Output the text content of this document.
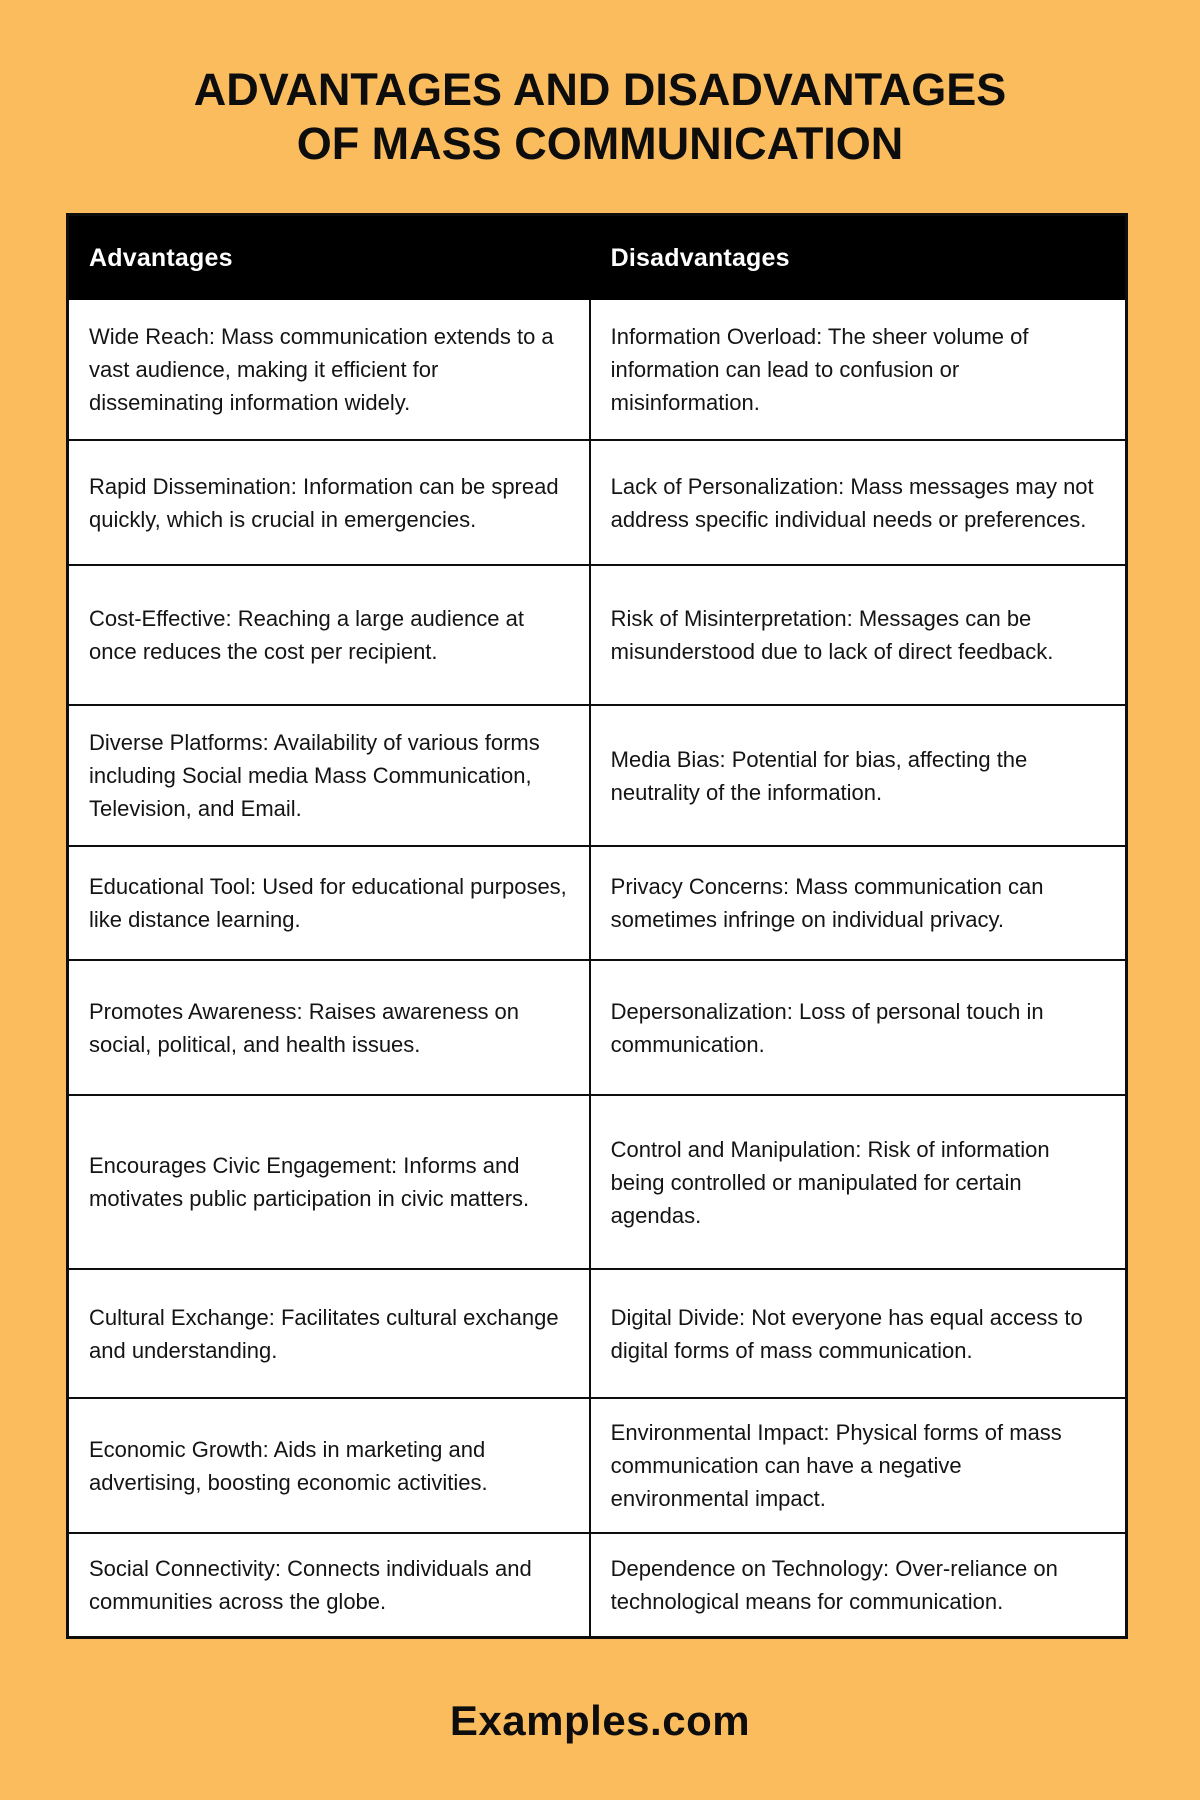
ADVANTAGES AND DISADVANTAGES
OF MASS COMMUNICATION
Advantages	Disadvantages
Wide Reach: Mass communication extends to a vast audience, making it efficient for disseminating information widely.
Information Overload: The sheer volume of information can lead to confusion or misinformation.
Rapid Dissemination: Information can be spread quickly, which is crucial in emergencies.
Lack of Personalization: Mass messages may not address specific individual needs or preferences.
Cost-Effective: Reaching a large audience at once reduces the cost per recipient.
Risk of Misinterpretation: Messages can be misunderstood due to lack of direct feedback.
Diverse Platforms: Availability of various forms including Social media Mass Communication, Television, and Email.
Media Bias: Potential for bias, affecting the neutrality of the information.
Educational Tool: Used for educational purposes, like distance learning.
Privacy Concerns: Mass communication can sometimes infringe on individual privacy.
Promotes Awareness: Raises awareness on social, political, and health issues.
Depersonalization: Loss of personal touch in communication.
Encourages Civic Engagement: Informs and motivates public participation in civic matters.
Control and Manipulation: Risk of information being controlled or manipulated for certain agendas.
Cultural Exchange: Facilitates cultural exchange and understanding.
Digital Divide: Not everyone has equal access to digital forms of mass communication.
Economic Growth: Aids in marketing and advertising, boosting economic activities.
Environmental Impact: Physical forms of mass communication can have a negative environmental impact.
Social Connectivity: Connects individuals and communities across the globe.
Dependence on Technology: Over-reliance on technological means for communication.
Examples.com
